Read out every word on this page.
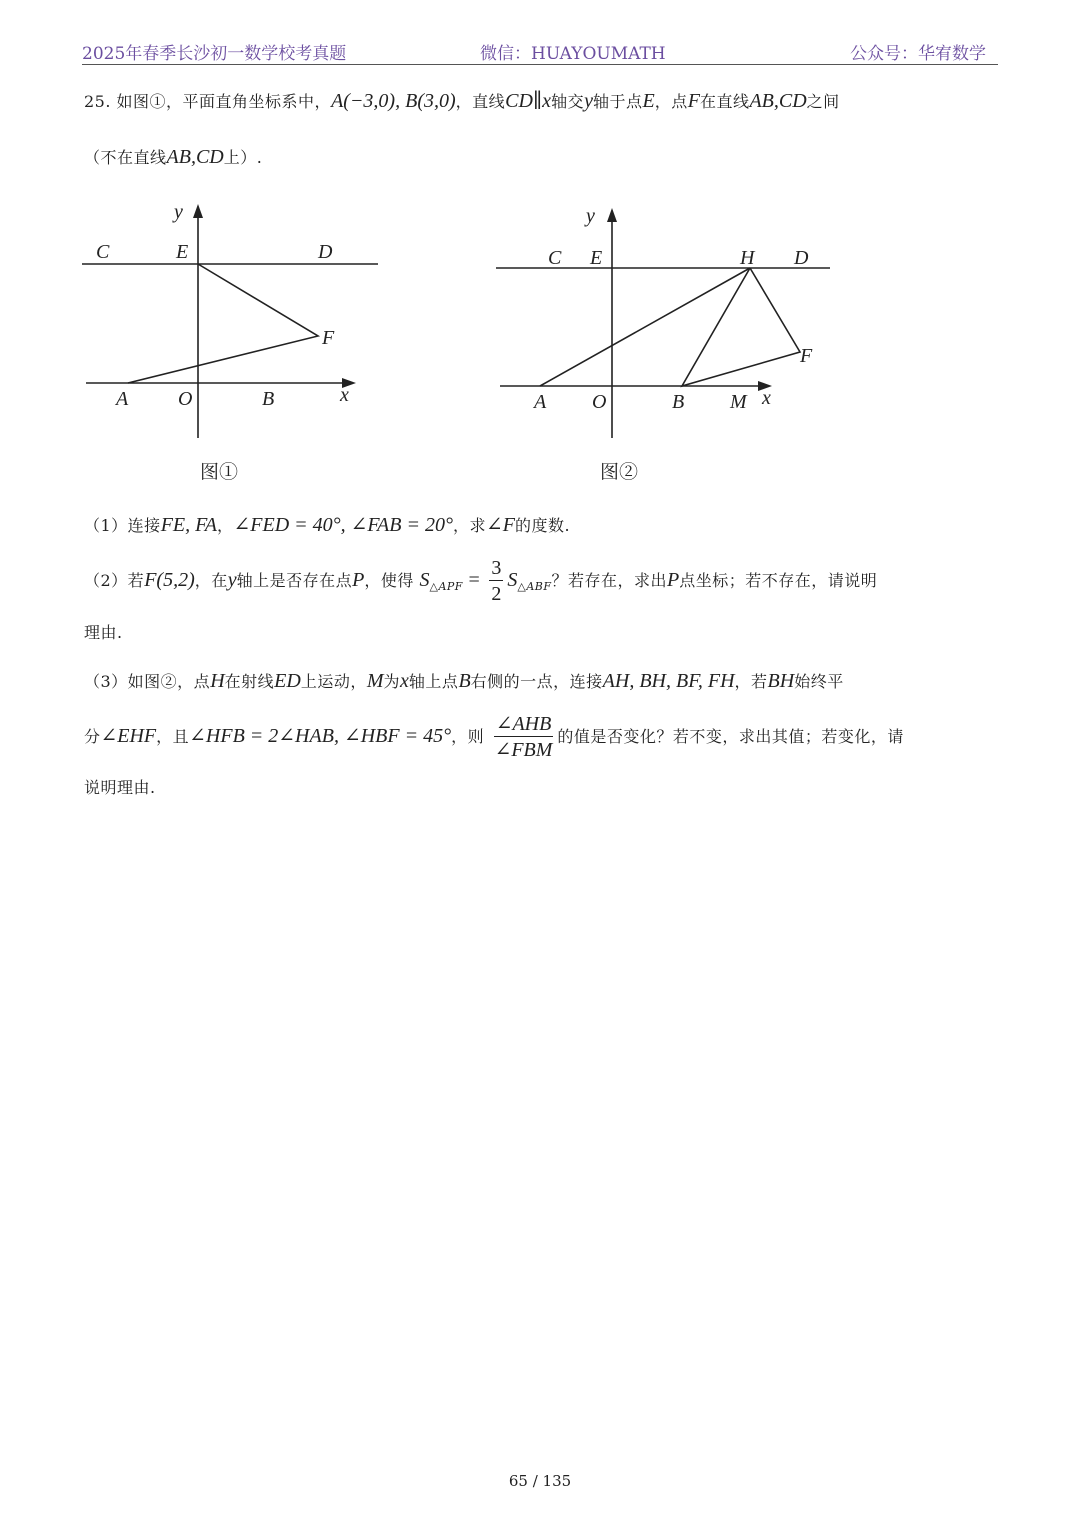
2025年春季长沙初一数学校考真题	微信：HUAYOUMATH	公众号：华宥数学
25. 如图①，平面直角坐标系中，A(−3,0), B(3,0)，直线CD∥x轴交y轴于点E，点F在直线AB,CD之间
（不在直线AB,CD上）.
y
C	E	D
F
A O	B	x
图①
y
C E	H D
F
A O	B M x
图②
（1）连接FE, FA，∠FED = 40°, ∠FAB = 20°，求∠F的度数.
（2）若F(5,2)，在y轴上是否存在点P，使得 $S_{\triangle APF} = \frac{3}{2} S_{\triangle ABF}$？若存在，求出P点坐标；若不存在，请说明
理由.
（3）如图②，点H在射线ED上运动，M为x轴上点B右侧的一点，连接AH, BH, BF, FH，若BH始终平
分∠EHF，且∠HFB = 2∠HAB, ∠HBF = 45°，则 $\frac{\text{∠AHB}}{\text{∠FBM}}$ 的值是否变化？若不变，求出其值；若变化，请
说明理由.
65 / 135
